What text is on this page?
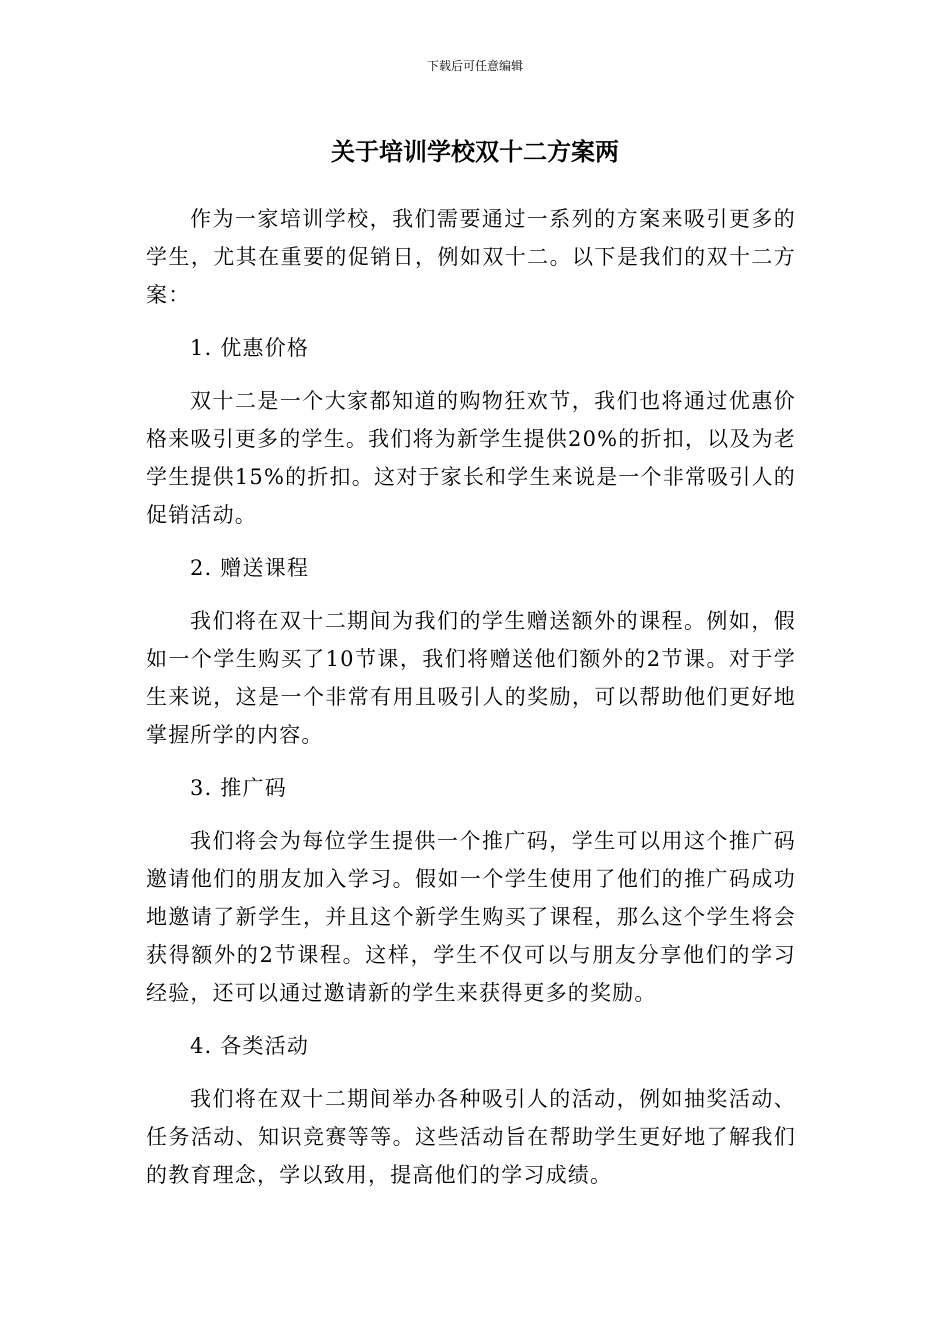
下载后可任意编辑
关于培训学校双十二方案两

作为一家培训学校，我们需要通过一系列的方案来吸引更多的学生，尤其在重要的促销日，例如双十二。以下是我们的双十二方案：

1. 优惠价格

双十二是一个大家都知道的购物狂欢节，我们也将通过优惠价格来吸引更多的学生。我们将为新学生提供20%的折扣，以及为老学生提供15%的折扣。这对于家长和学生来说是一个非常吸引人的促销活动。

2. 赠送课程

我们将在双十二期间为我们的学生赠送额外的课程。例如，假如一个学生购买了10节课，我们将赠送他们额外的2节课。对于学生来说，这是一个非常有用且吸引人的奖励，可以帮助他们更好地掌握所学的内容。

3. 推广码

我们将会为每位学生提供一个推广码，学生可以用这个推广码邀请他们的朋友加入学习。假如一个学生使用了他们的推广码成功地邀请了新学生，并且这个新学生购买了课程，那么这个学生将会获得额外的2节课程。这样，学生不仅可以与朋友分享他们的学习经验，还可以通过邀请新的学生来获得更多的奖励。

4. 各类活动

我们将在双十二期间举办各种吸引人的活动，例如抽奖活动、任务活动、知识竞赛等等。这些活动旨在帮助学生更好地了解我们的教育理念，学以致用，提高他们的学习成绩。
